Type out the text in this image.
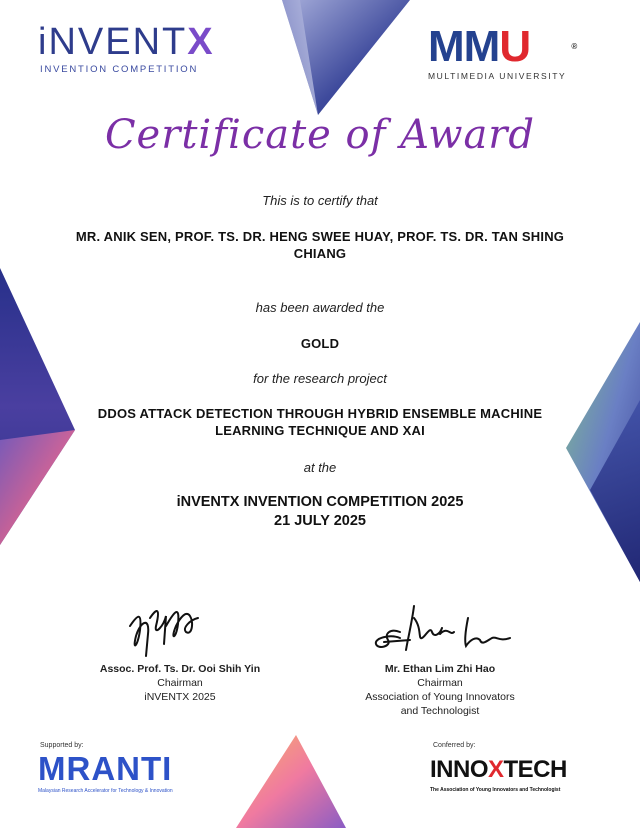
iNVENTX
INVENTION COMPETITION	MMU	®
MULTIMEDIA UNIVERSITY
Certificate of Award
This is to certify that
MR. ANIK SEN, PROF. TS. DR. HENG SWEE HUAY, PROF. TS. DR. TAN SHING
CHIANG
has been awarded the
GOLD
for the research project
DDOS ATTACK DETECTION THROUGH HYBRID ENSEMBLE MACHINE
LEARNING TECHNIQUE AND XAI
at the
iNVENTX INVENTION COMPETITION 2025
21 JULY 2025
Assoc. Prof. Ts. Dr. Ooi Shih Yin
Chairman
iNVENTX 2025
Mr. Ethan Lim Zhi Hao
Chairman
Association of Young Innovators
and Technologist
Supported by:
MRANTI
Malaysian Research Accelerator for Technology & Innovation
Conferred by:
INNOXTECH
The Association of Young Innovators and Technologist
